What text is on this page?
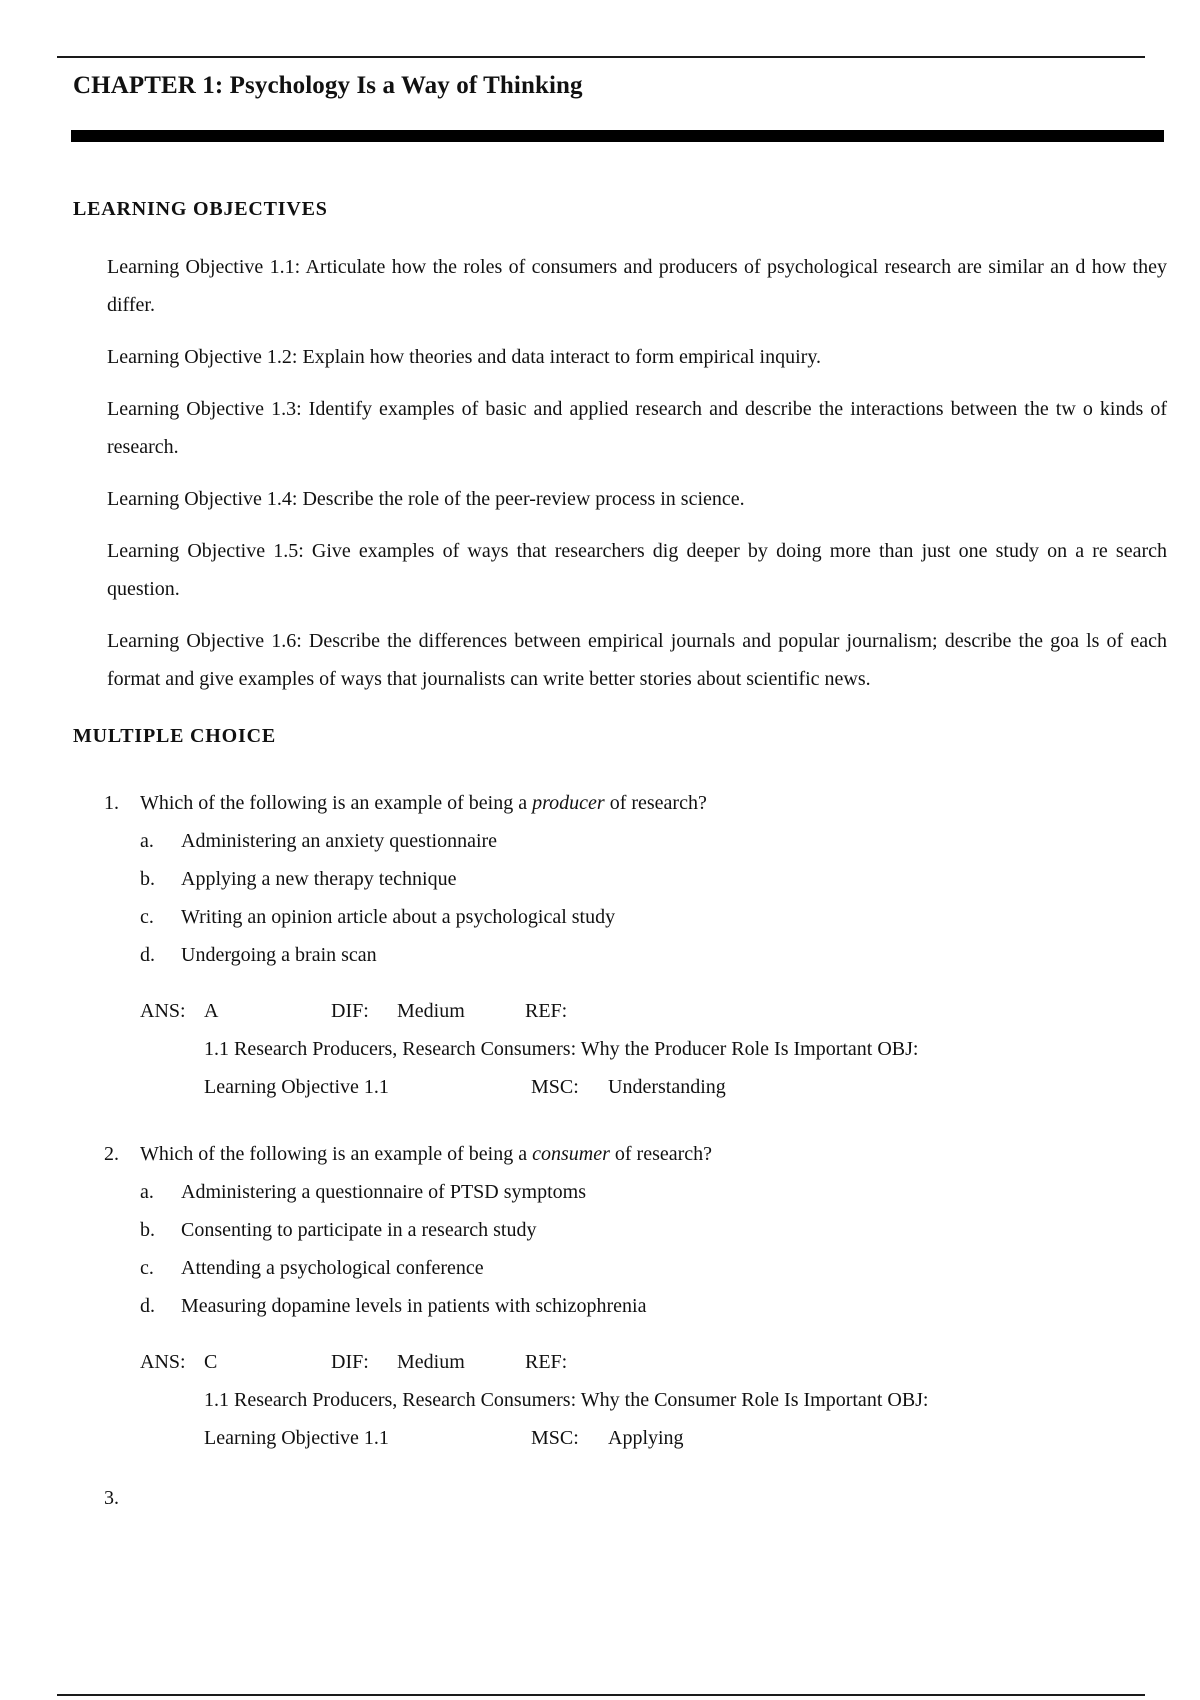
CHAPTER 1: Psychology Is a Way of Thinking
LEARNING OBJECTIVES

Learning Objective 1.1: Articulate how the roles of consumers and producers of psychological research are similar an d how they differ.

Learning Objective 1.2: Explain how theories and data interact to form empirical inquiry.

Learning Objective 1.3: Identify examples of basic and applied research and describe the interactions between the tw o kinds of research.

Learning Objective 1.4: Describe the role of the peer-review process in science.

Learning Objective 1.5: Give examples of ways that researchers dig deeper by doing more than just one study on a re search question.

Learning Objective 1.6: Describe the differences between empirical journals and popular journalism; describe the goa ls of each format and give examples of ways that journalists can write better stories about scientific news.

MULTIPLE CHOICE
1. Which of the following is an example of being a producer of research?
a. Administering an anxiety questionnaire
b. Applying a new therapy technique
c. Writing an opinion article about a psychological study
d. Undergoing a brain scan
ANS: A	DIF: Medium	REF:
1.1 Research Producers, Research Consumers: Why the Producer Role Is Important OBJ:
Learning Objective 1.1	MSC: Understanding
2. Which of the following is an example of being a consumer of research?
a. Administering a questionnaire of PTSD symptoms
b. Consenting to participate in a research study
c. Attending a psychological conference
d. Measuring dopamine levels in patients with schizophrenia
ANS: C	DIF: Medium	REF:
1.1 Research Producers, Research Consumers: Why the Consumer Role Is Important OBJ:
Learning Objective 1.1	MSC: Applying
3.
